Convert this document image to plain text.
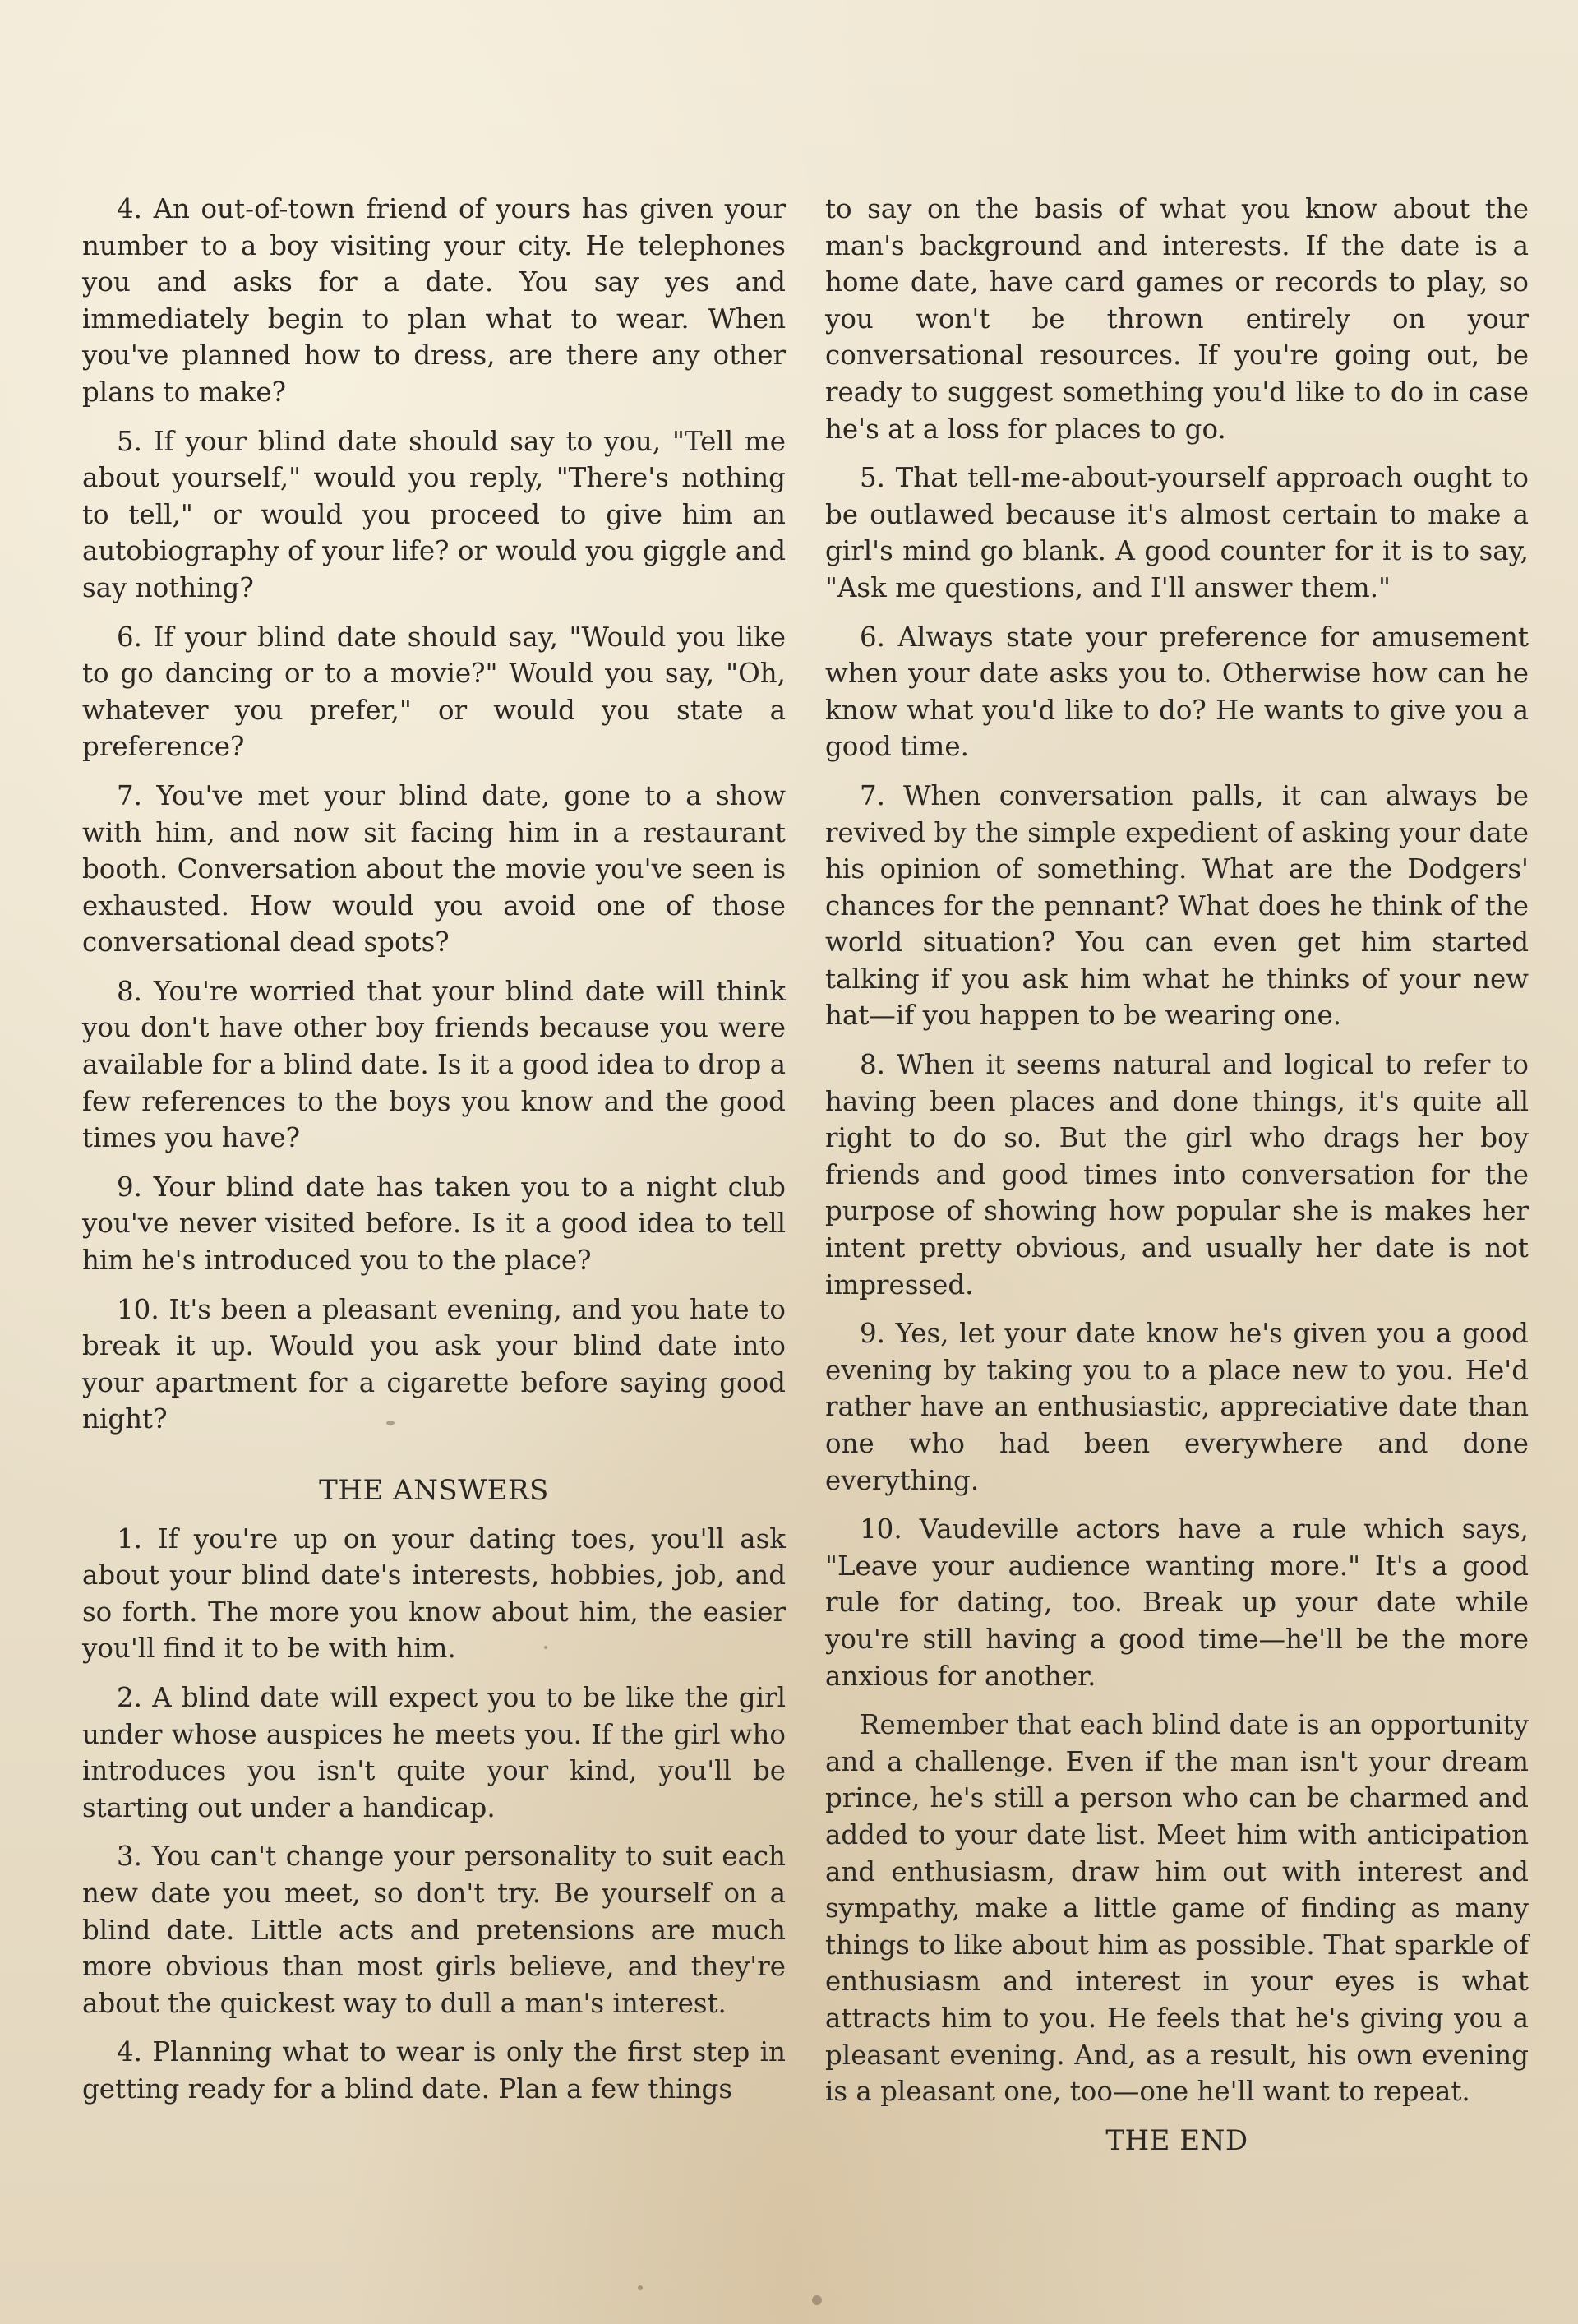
4. An out-of-town friend of yours has given your number to a boy visiting your city. He telephones you and asks for a date. You say yes and immediately begin to plan what to wear. When you've planned how to dress, are there any other plans to make?

5. If your blind date should say to you, "Tell me about yourself," would you reply, "There's nothing to tell," or would you proceed to give him an autobiography of your life? or would you giggle and say nothing?

6. If your blind date should say, "Would you like to go dancing or to a movie?" Would you say, "Oh, whatever you prefer," or would you state a preference?

7. You've met your blind date, gone to a show with him, and now sit facing him in a restaurant booth. Conversation about the movie you've seen is exhausted. How would you avoid one of those conversational dead spots?

8. You're worried that your blind date will think you don't have other boy friends because you were available for a blind date. Is it a good idea to drop a few references to the boys you know and the good times you have?

9. Your blind date has taken you to a night club you've never visited before. Is it a good idea to tell him he's introduced you to the place?

10. It's been a pleasant evening, and you hate to break it up. Would you ask your blind date into your apartment for a cigarette before saying good night?

THE ANSWERS

1. If you're up on your dating toes, you'll ask about your blind date's interests, hobbies, job, and so forth. The more you know about him, the easier you'll find it to be with him.

2. A blind date will expect you to be like the girl under whose auspices he meets you. If the girl who introduces you isn't quite your kind, you'll be starting out under a handicap.

3. You can't change your personality to suit each new date you meet, so don't try. Be yourself on a blind date. Little acts and pretensions are much more obvious than most girls believe, and they're about the quickest way to dull a man's interest.

4. Planning what to wear is only the first step in getting ready for a blind date. Plan a few things

to say on the basis of what you know about the man's background and interests. If the date is a home date, have card games or records to play, so you won't be thrown entirely on your conversational resources. If you're going out, be ready to suggest something you'd like to do in case he's at a loss for places to go.

5. That tell-me-about-yourself approach ought to be outlawed because it's almost certain to make a girl's mind go blank. A good counter for it is to say, "Ask me questions, and I'll answer them."

6. Always state your preference for amusement when your date asks you to. Otherwise how can he know what you'd like to do? He wants to give you a good time.

7. When conversation palls, it can always be revived by the simple expedient of asking your date his opinion of something. What are the Dodgers' chances for the pennant? What does he think of the world situation? You can even get him started talking if you ask him what he thinks of your new hat—if you happen to be wearing one.

8. When it seems natural and logical to refer to having been places and done things, it's quite all right to do so. But the girl who drags her boy friends and good times into conversation for the purpose of showing how popular she is makes her intent pretty obvious, and usually her date is not impressed.

9. Yes, let your date know he's given you a good evening by taking you to a place new to you. He'd rather have an enthusiastic, appreciative date than one who had been everywhere and done everything.

10. Vaudeville actors have a rule which says, "Leave your audience wanting more." It's a good rule for dating, too. Break up your date while you're still having a good time—he'll be the more anxious for another.

Remember that each blind date is an opportunity and a challenge. Even if the man isn't your dream prince, he's still a person who can be charmed and added to your date list. Meet him with anticipation and enthusiasm, draw him out with interest and sympathy, make a little game of finding as many things to like about him as possible. That sparkle of enthusiasm and interest in your eyes is what attracts him to you. He feels that he's giving you a pleasant evening. And, as a result, his own evening is a pleasant one, too—one he'll want to repeat.

THE END
